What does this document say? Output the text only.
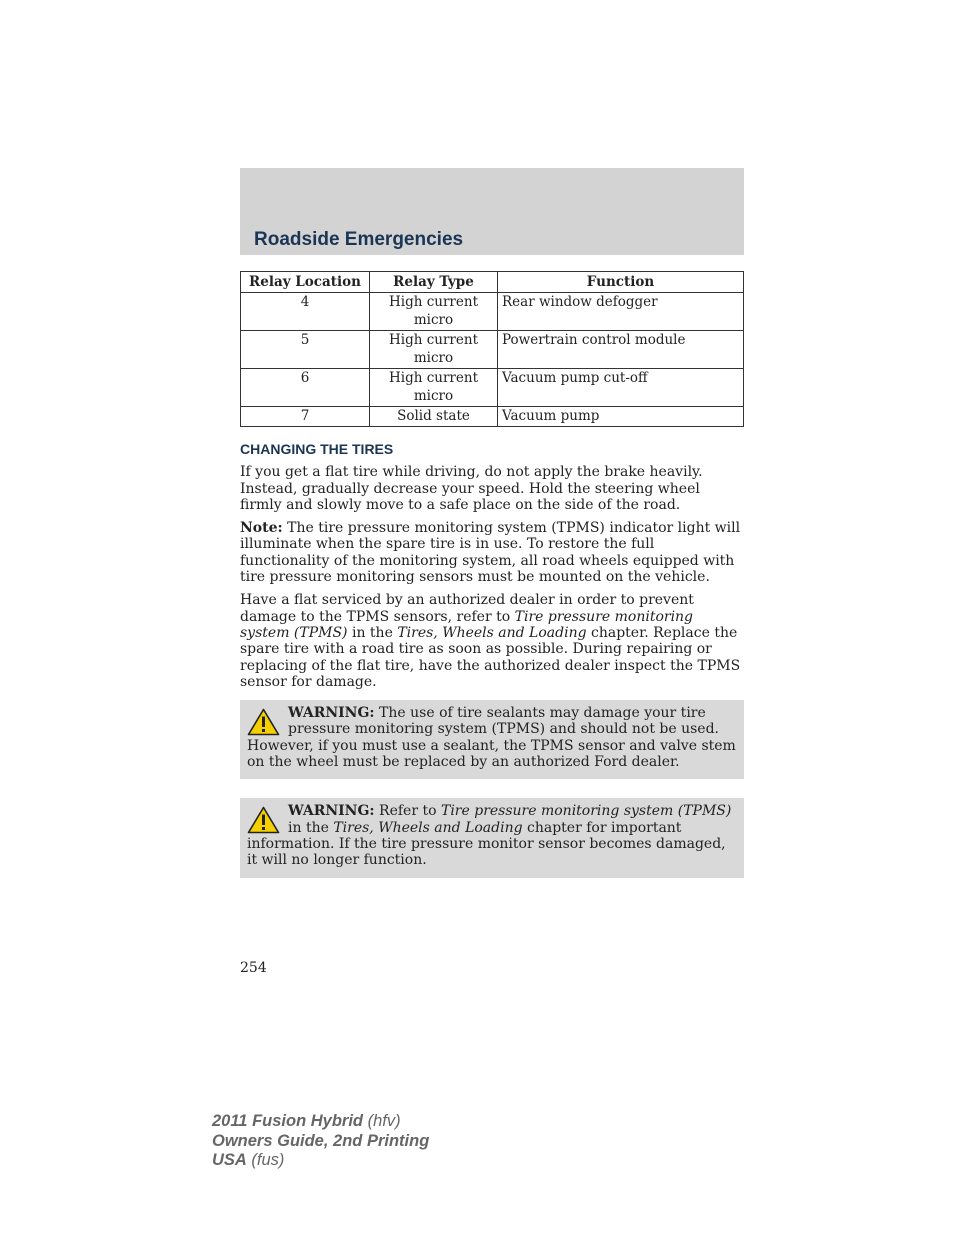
Roadside Emergencies
Relay Location	Relay Type	Function
4	High current micro	Rear window defogger
5	High current micro	Powertrain control module
6	High current micro	Vacuum pump cut-off
7	Solid state	Vacuum pump
CHANGING THE TIRES

If you get a flat tire while driving, do not apply the brake heavily. Instead, gradually decrease your speed. Hold the steering wheel firmly and slowly move to a safe place on the side of the road.

Note: The tire pressure monitoring system (TPMS) indicator light will illuminate when the spare tire is in use. To restore the full functionality of the monitoring system, all road wheels equipped with tire pressure monitoring sensors must be mounted on the vehicle.

Have a flat serviced by an authorized dealer in order to prevent damage to the TPMS sensors, refer to Tire pressure monitoring system (TPMS) in the Tires, Wheels and Loading chapter. Replace the spare tire with a road tire as soon as possible. During repairing or replacing of the flat tire, have the authorized dealer inspect the TPMS sensor for damage.

WARNING: The use of tire sealants may damage your tire pressure monitoring system (TPMS) and should not be used. However, if you must use a sealant, the TPMS sensor and valve stem on the wheel must be replaced by an authorized Ford dealer.
WARNING: Refer to Tire pressure monitoring system (TPMS) in the Tires, Wheels and Loading chapter for important information. If the tire pressure monitor sensor becomes damaged, it will no longer function.
254
2011 Fusion Hybrid (hfv)
Owners Guide, 2nd Printing
USA (fus)
